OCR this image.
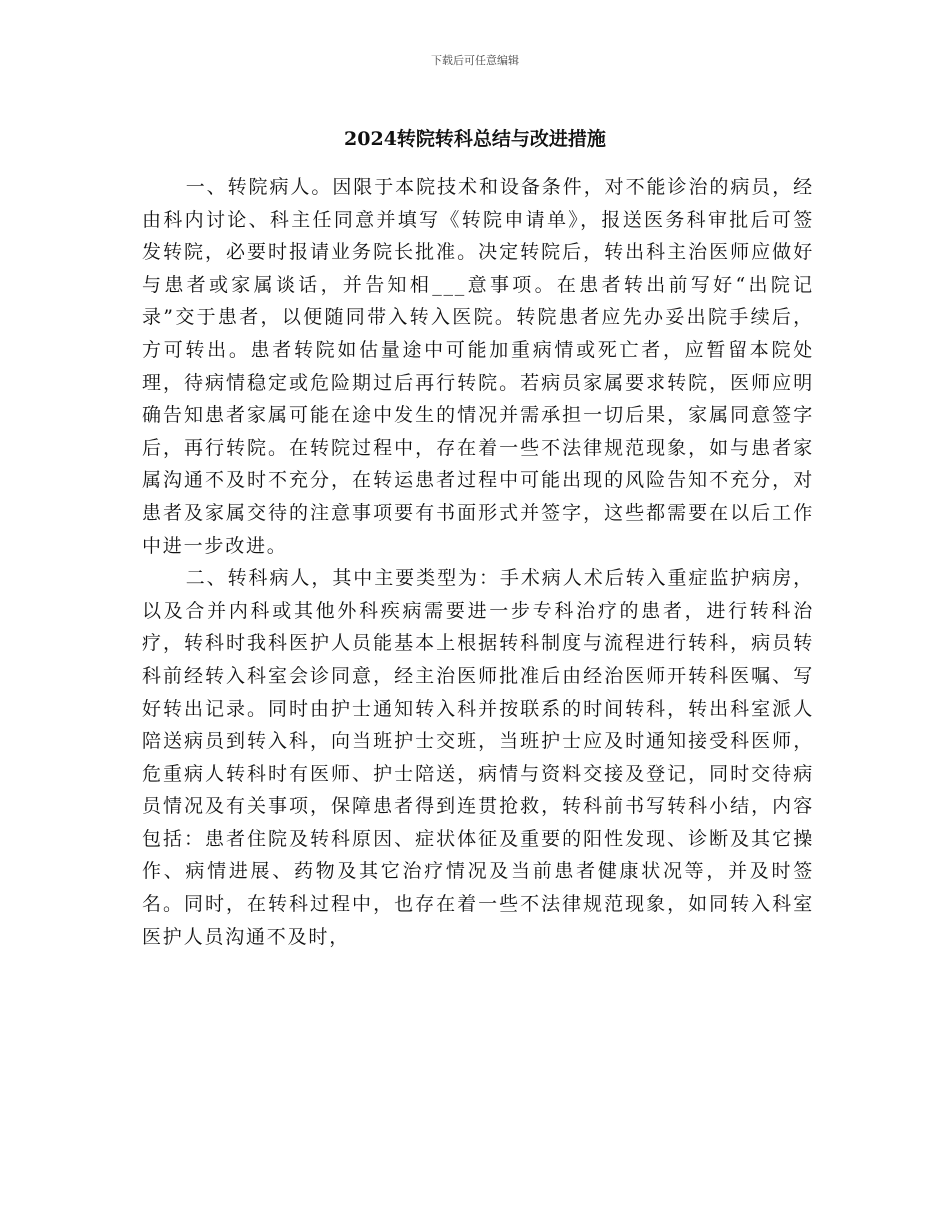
下载后可任意编辑
2024转院转科总结与改进措施

一、转院病人。因限于本院技术和设备条件，对不能诊治的病员，经由科内讨论、科主任同意并填写《转院申请单》，报送医务科审批后可签发转院，必要时报请业务院长批准。决定转院后，转出科主治医师应做好与患者或家属谈话，并告知相___意事项。在患者转出前写好“出院记录”交于患者，以便随同带入转入医院。转院患者应先办妥出院手续后，方可转出。患者转院如估量途中可能加重病情或死亡者，应暂留本院处理，待病情稳定或危险期过后再行转院。若病员家属要求转院，医师应明确告知患者家属可能在途中发生的情况并需承担一切后果，家属同意签字后，再行转院。在转院过程中，存在着一些不法律规范现象，如与患者家属沟通不及时不充分，在转运患者过程中可能出现的风险告知不充分，对患者及家属交待的注意事项要有书面形式并签字，这些都需要在以后工作中进一步改进。

二、转科病人，其中主要类型为：手术病人术后转入重症监护病房，以及合并内科或其他外科疾病需要进一步专科治疗的患者，进行转科治疗，转科时我科医护人员能基本上根据转科制度与流程进行转科，病员转科前经转入科室会诊同意，经主治医师批准后由经治医师开转科医嘱、写好转出记录。同时由护士通知转入科并按联系的时间转科，转出科室派人陪送病员到转入科，向当班护士交班，当班护士应及时通知接受科医师，危重病人转科时有医师、护士陪送，病情与资料交接及登记，同时交待病员情况及有关事项，保障患者得到连贯抢救，转科前书写转科小结，内容包括：患者住院及转科原因、症状体征及重要的阳性发现、诊断及其它操作、病情进展、药物及其它治疗情况及当前患者健康状况等，并及时签名。同时，在转科过程中，也存在着一些不法律规范现象，如同转入科室医护人员沟通不及时，
